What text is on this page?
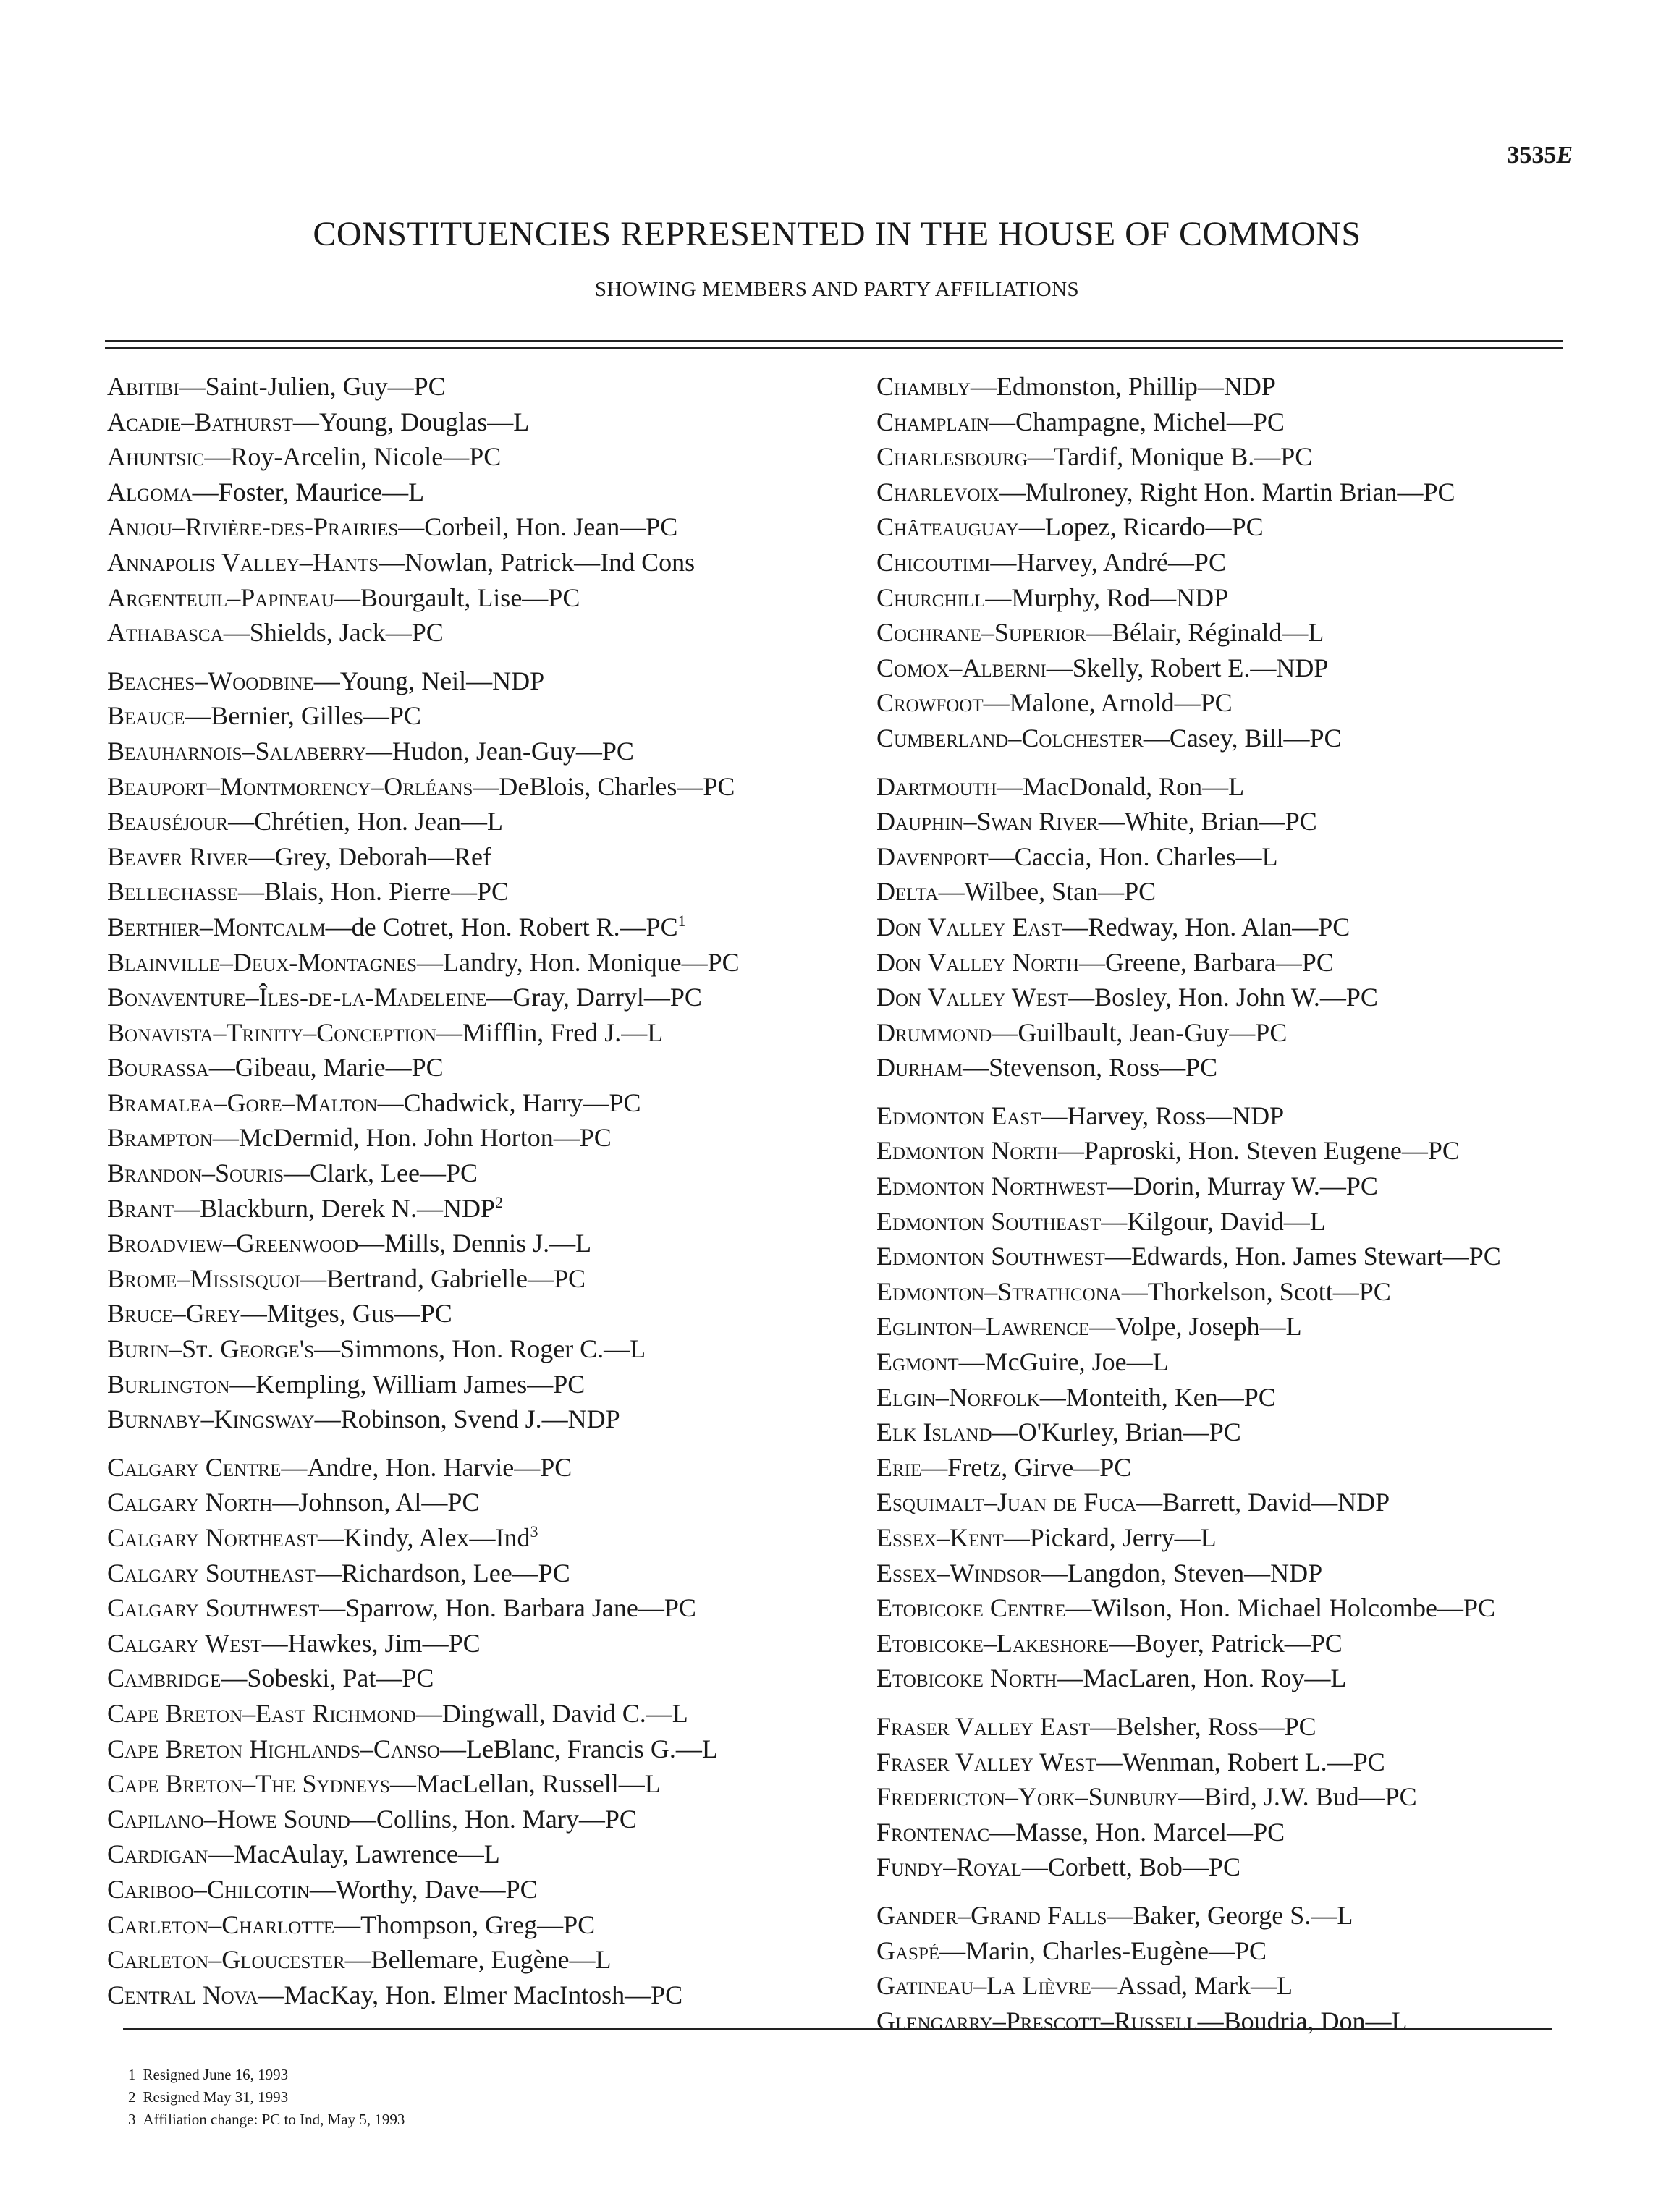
3535E
CONSTITUENCIES REPRESENTED IN THE HOUSE OF COMMONS
SHOWING MEMBERS AND PARTY AFFILIATIONS
Abitibi—Saint-Julien, Guy—PC
Acadie–Bathurst—Young, Douglas—L
Ahuntsic—Roy-Arcelin, Nicole—PC
Algoma—Foster, Maurice—L
Anjou–Rivière-des-Prairies—Corbeil, Hon. Jean—PC
Annapolis Valley–Hants—Nowlan, Patrick—Ind Cons
Argenteuil–Papineau—Bourgault, Lise—PC
Athabasca—Shields, Jack—PC
Beaches–Woodbine—Young, Neil—NDP
Beauce—Bernier, Gilles—PC
Beauharnois–Salaberry—Hudon, Jean-Guy—PC
Beauport–Montmorency–Orléans—DeBlois, Charles—PC
Beauséjour—Chrétien, Hon. Jean—L
Beaver River—Grey, Deborah—Ref
Bellechasse—Blais, Hon. Pierre—PC
Berthier–Montcalm—de Cotret, Hon. Robert $R.—PC^1$
Blainville–Deux-Montagnes—Landry, Hon. Monique—PC
Bonaventure–Îles-de-la-Madeleine—Gray, Darryl—PC
Bonavista–Trinity–Conception—Mifflin, Fred J.—L
Bourassa—Gibeau, Marie—PC
Bramalea–Gore–Malton—Chadwick, Harry—PC
Brampton—McDermid, Hon. John Horton—PC
Brandon–Souris—Clark, Lee—PC
Brant—Blackburn, Derek N.—NDP$^2$
Broadview–Greenwood—Mills, Dennis J.—L
Brome–Missisquoi—Bertrand, Gabrielle—PC
Bruce–Grey—Mitges, Gus—PC
Burin–St. George's—Simmons, Hon. Roger C.—L
Burlington—Kempling, William James—PC
Burnaby–Kingsway—Robinson, Svend J.—NDP
Calgary Centre—Andre, Hon. Harvie—PC
Calgary North—Johnson, Al—PC
Calgary Northeast—Kindy, Alex—Ind$^3$
Calgary Southeast—Richardson, Lee—PC
Calgary Southwest—Sparrow, Hon. Barbara Jane—PC
Calgary West—Hawkes, Jim—PC
Cambridge—Sobeski, Pat—PC
Cape Breton–East Richmond—Dingwall, David C.—L
Cape Breton Highlands–Canso—LeBlanc, Francis G.—L
Cape Breton–The Sydneys—MacLellan, Russell—L
Capilano–Howe Sound—Collins, Hon. Mary—PC
Cardigan—MacAulay, Lawrence—L
Cariboo–Chilcotin—Worthy, Dave—PC
Carleton–Charlotte—Thompson, Greg—PC
Carleton–Gloucester—Bellemare, Eugène—L
Central Nova—MacKay, Hon. Elmer MacIntosh—PC
Chambly—Edmonston, Phillip—NDP
Champlain—Champagne, Michel—PC
Charlesbourg—Tardif, Monique B.—PC
Charlevoix—Mulroney, Right Hon. Martin Brian—PC
Châteauguay—Lopez, Ricardo—PC
Chicoutimi—Harvey, André—PC
Churchill—Murphy, Rod—NDP
Cochrane–Superior—Bélair, Réginald—L
Comox–Alberni—Skelly, Robert E.—NDP
Crowfoot—Malone, Arnold—PC
Cumberland–Colchester—Casey, Bill—PC
Dartmouth—MacDonald, Ron—L
Dauphin–Swan River—White, Brian—PC
Davenport—Caccia, Hon. Charles—L
Delta—Wilbee, Stan—PC
Don Valley East—Redway, Hon. Alan—PC
Don Valley North—Greene, Barbara—PC
Don Valley West—Bosley, Hon. John W.—PC
Drummond—Guilbault, Jean-Guy—PC
Durham—Stevenson, Ross—PC
Edmonton East—Harvey, Ross—NDP
Edmonton North—Paproski, Hon. Steven Eugene—PC
Edmonton Northwest—Dorin, Murray W.—PC
Edmonton Southeast—Kilgour, David—L
Edmonton Southwest—Edwards, Hon. James Stewart—PC
Edmonton–Strathcona—Thorkelson, Scott—PC
Eglinton–Lawrence—Volpe, Joseph—L
Egmont—McGuire, Joe—L
Elgin–Norfolk—Monteith, Ken—PC
Elk Island—O'Kurley, Brian—PC
Erie—Fretz, Girve—PC
Esquimalt–Juan de Fuca—Barrett, David—NDP
Essex–Kent—Pickard, Jerry—L
Essex–Windsor—Langdon, Steven—NDP
Etobicoke Centre—Wilson, Hon. Michael Holcombe—PC
Etobicoke–Lakeshore—Boyer, Patrick—PC
Etobicoke North—MacLaren, Hon. Roy—L
Fraser Valley East—Belsher, Ross—PC
Fraser Valley West—Wenman, Robert L.—PC
Fredericton–York–Sunbury—Bird, J.W. Bud—PC
Frontenac—Masse, Hon. Marcel—PC
Fundy–Royal—Corbett, Bob—PC
Gander–Grand Falls—Baker, George S.—L
Gaspé—Marin, Charles-Eugène—PC
Gatineau–La Lièvre—Assad, Mark—L
Glengarry–Prescott–Russell—Boudria, Don—L
1 Resigned June 16, 1993
2 Resigned May 31, 1993
3 Affiliation change: PC to Ind, May 5, 1993
